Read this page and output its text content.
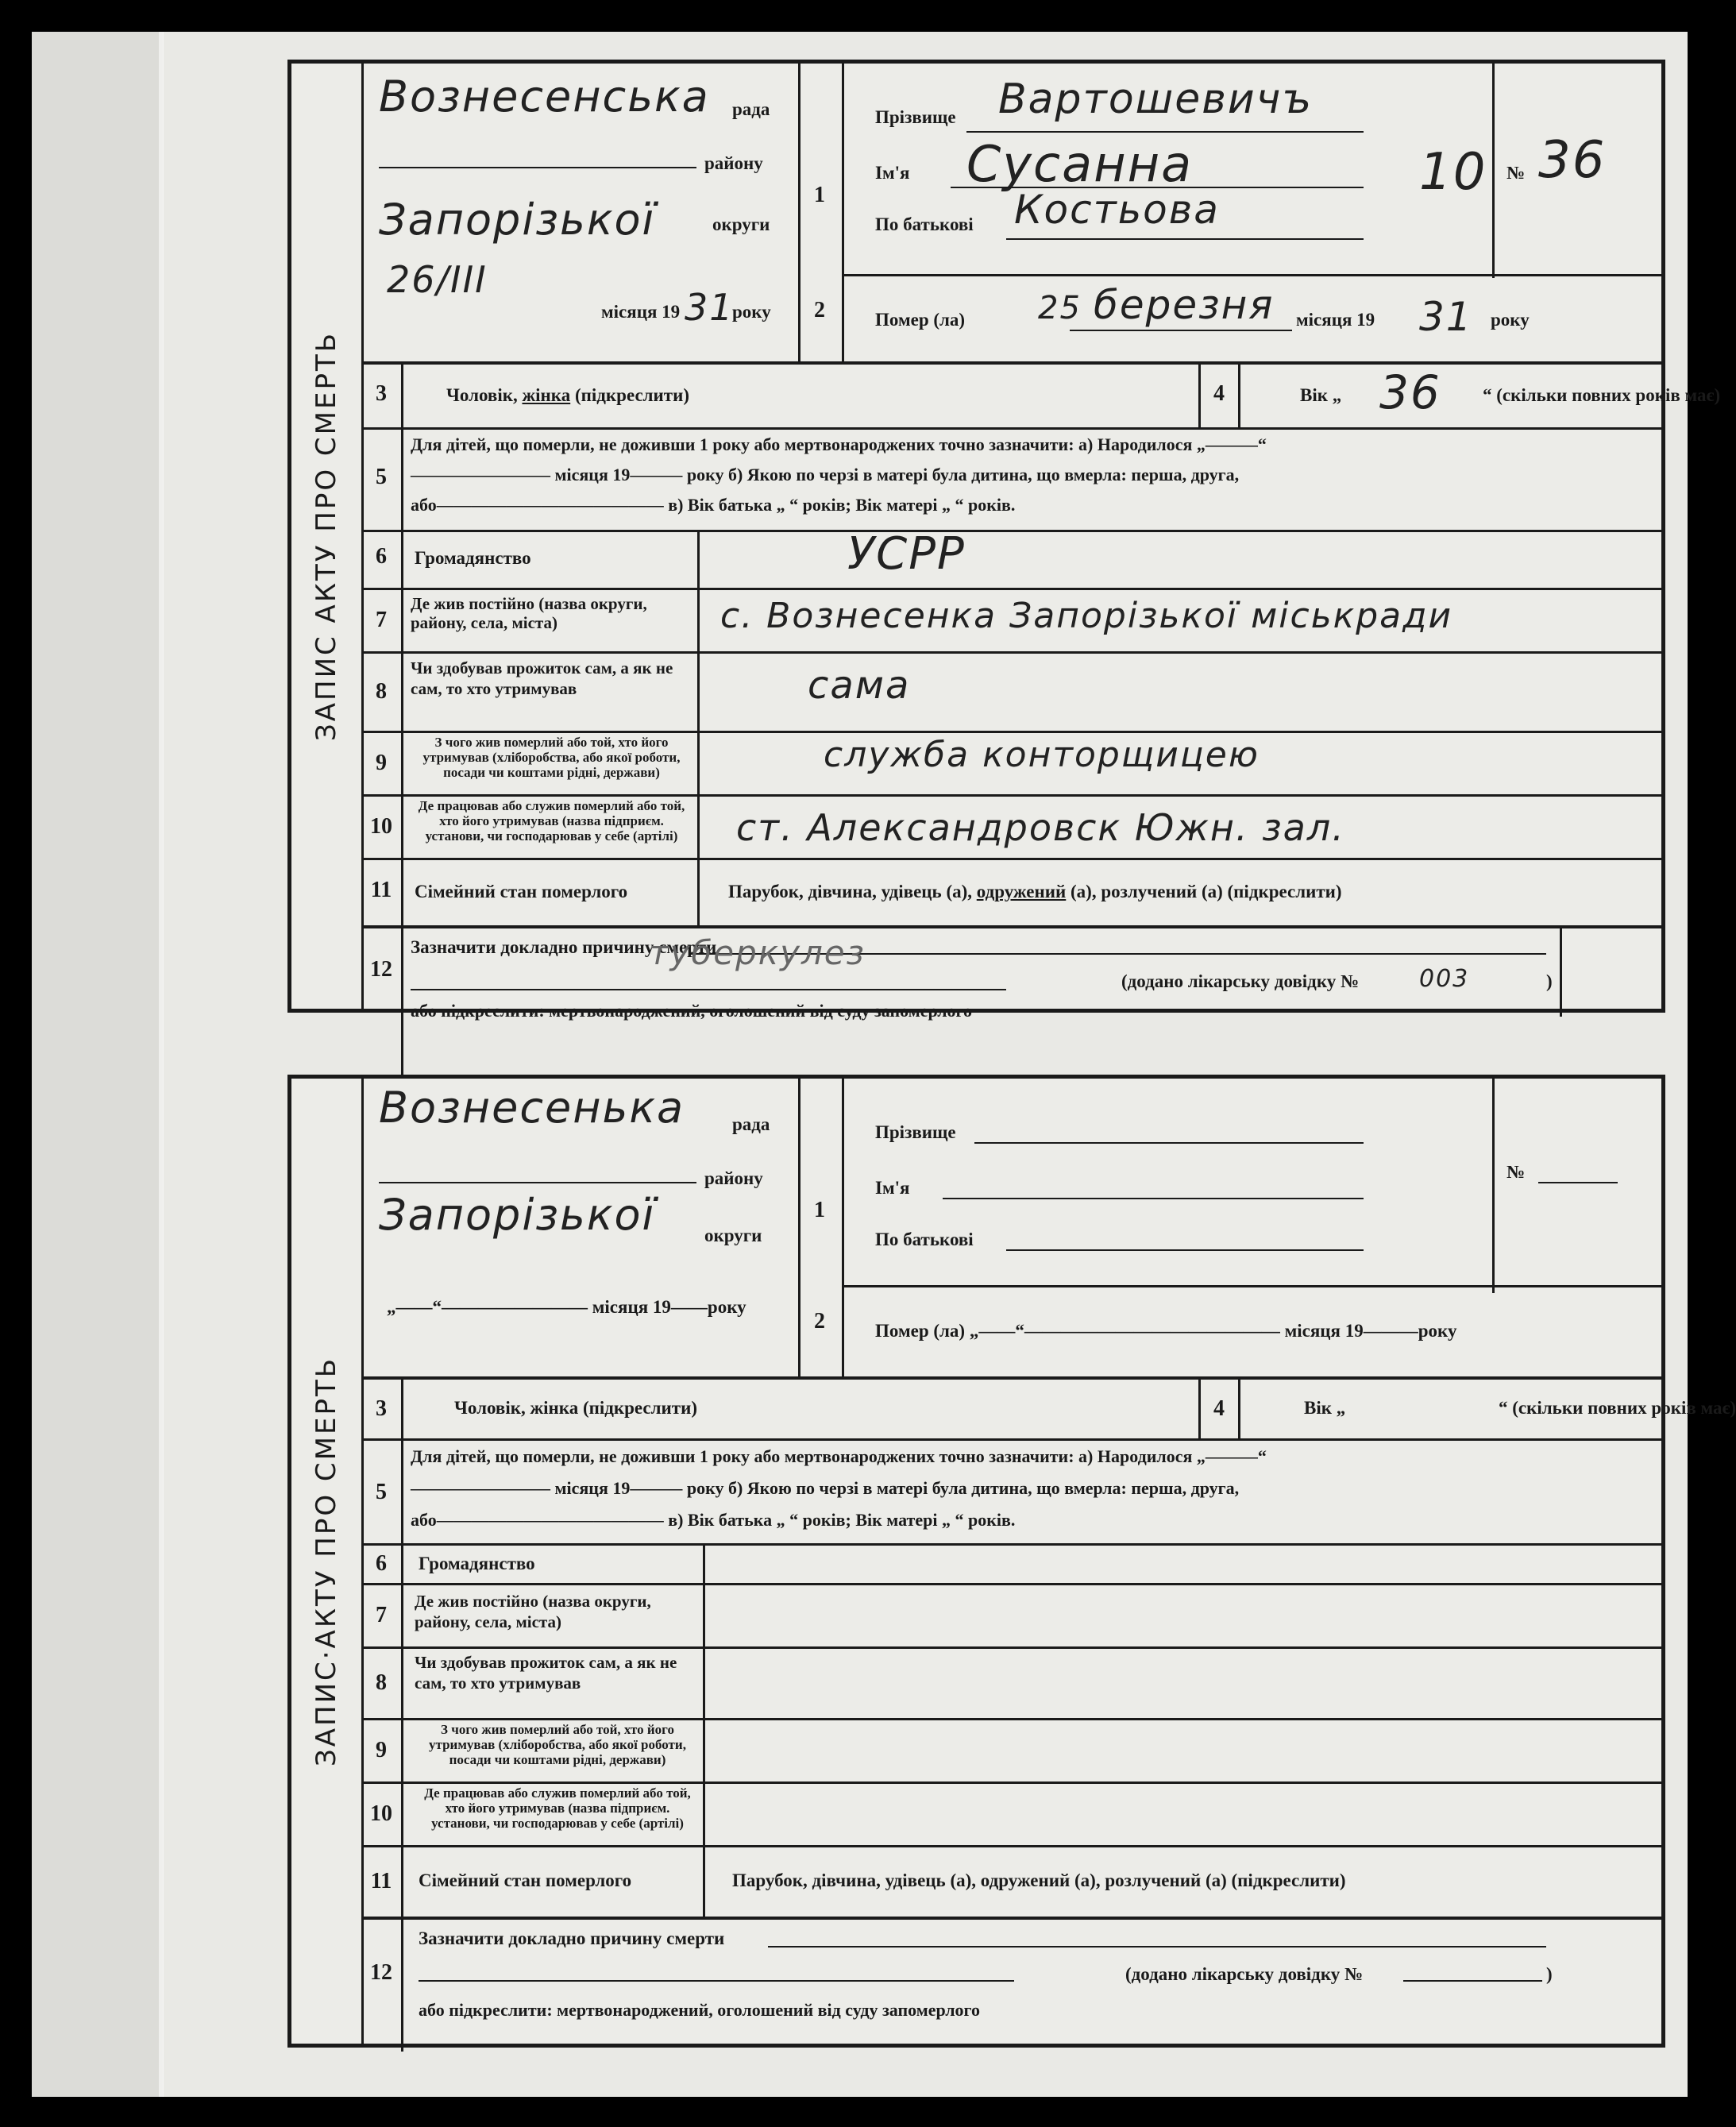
ЗАПИС АКТУ ПРО СМЕРТЬ
Вознесенська рада
району
Запорізької	округи
26/III
місяця 19 31
року
1
Прізвище Вартошевичъ
Ім'я Сусанна
По батькові Костьова
10 № 36
2	Помер (ла) 25 березня місяця 19 31 року
3	Чоловік, жінка (підкреслити)	4	Вік „ 36 “ (скільки повних років має)
5
Для дітей, що померли, не доживши 1 року або мертвонароджених точно зазначити: а) Народилося „———“
———————— місяця 19——— року б) Якою по черзі в матері була дитина, що вмерла: перша, друга,
або————————————— в) Вік батька „ “ років; Вік матері „ “ років.
6	Громадянство	УСРР
7
Де жив постійно (назва округи, району, села, міста)	с. Вознесенка Запорізької міськради
8
Чи здобував прожиток сам, а як не сам, то хто утримував	сама
9
З чого жив померлий або той, хто його утримував (хліборобства, або якої роботи, посади чи коштами рідні, держави)	служба конторщицею
10
Де працював або служив померлий або той, хто його утримував (назва підприєм. установи, чи господарював у себе (артілі)	ст. Александровск Южн. зал.
11 Сімейний стан померлого	Парубок, дівчина, удівець (а), одружений (а), розлучений (а) (підкреслити)
12
Зазначити докладно причину смерти
туберкулез
(додано лікарську довідку №	003	)
або підкреслити: мертвонароджений, оголошений від суду запомерлого
ЗАПИС·АКТУ ПРО СМЕРТЬ
Вознесенька	рада
району
Запорізької	округи
„——“———————— місяця 19——року
1
Прізвище
Ім'я
По батькові
№
2	Помер (ла) „——“—————————————— місяця 19———року
3	Чоловік, жінка (підкреслити)	4	Вік „	“ (скільки повних років має)
5
Для дітей, що померли, не доживши 1 року або мертвонароджених точно зазначити: а) Народилося „———“
———————— місяця 19——— року б) Якою по черзі в матері була дитина, що вмерла: перша, друга,
або————————————— в) Вік батька „ “ років; Вік матері „ “ років.
6	Громадянство
7
Де жив постійно (назва округи, району, села, міста)
8
Чи здобував прожиток сам, а як не сам, то хто утримував
9
З чого жив померлий або той, хто його утримував (хліборобства, або якої роботи, посади чи коштами рідні, держави)
10
Де працював або служив померлий або той, хто його утримував (назва підприєм. установи, чи господарював у себе (артілі)
11 Сімейний стан померлого	Парубок, дівчина, удівець (а), одружений (а), розлучений (а) (підкреслити)
12
Зазначити докладно причину смерти
(додано лікарську довідку №	)
або підкреслити: мертвонароджений, оголошений від суду запомерлого
